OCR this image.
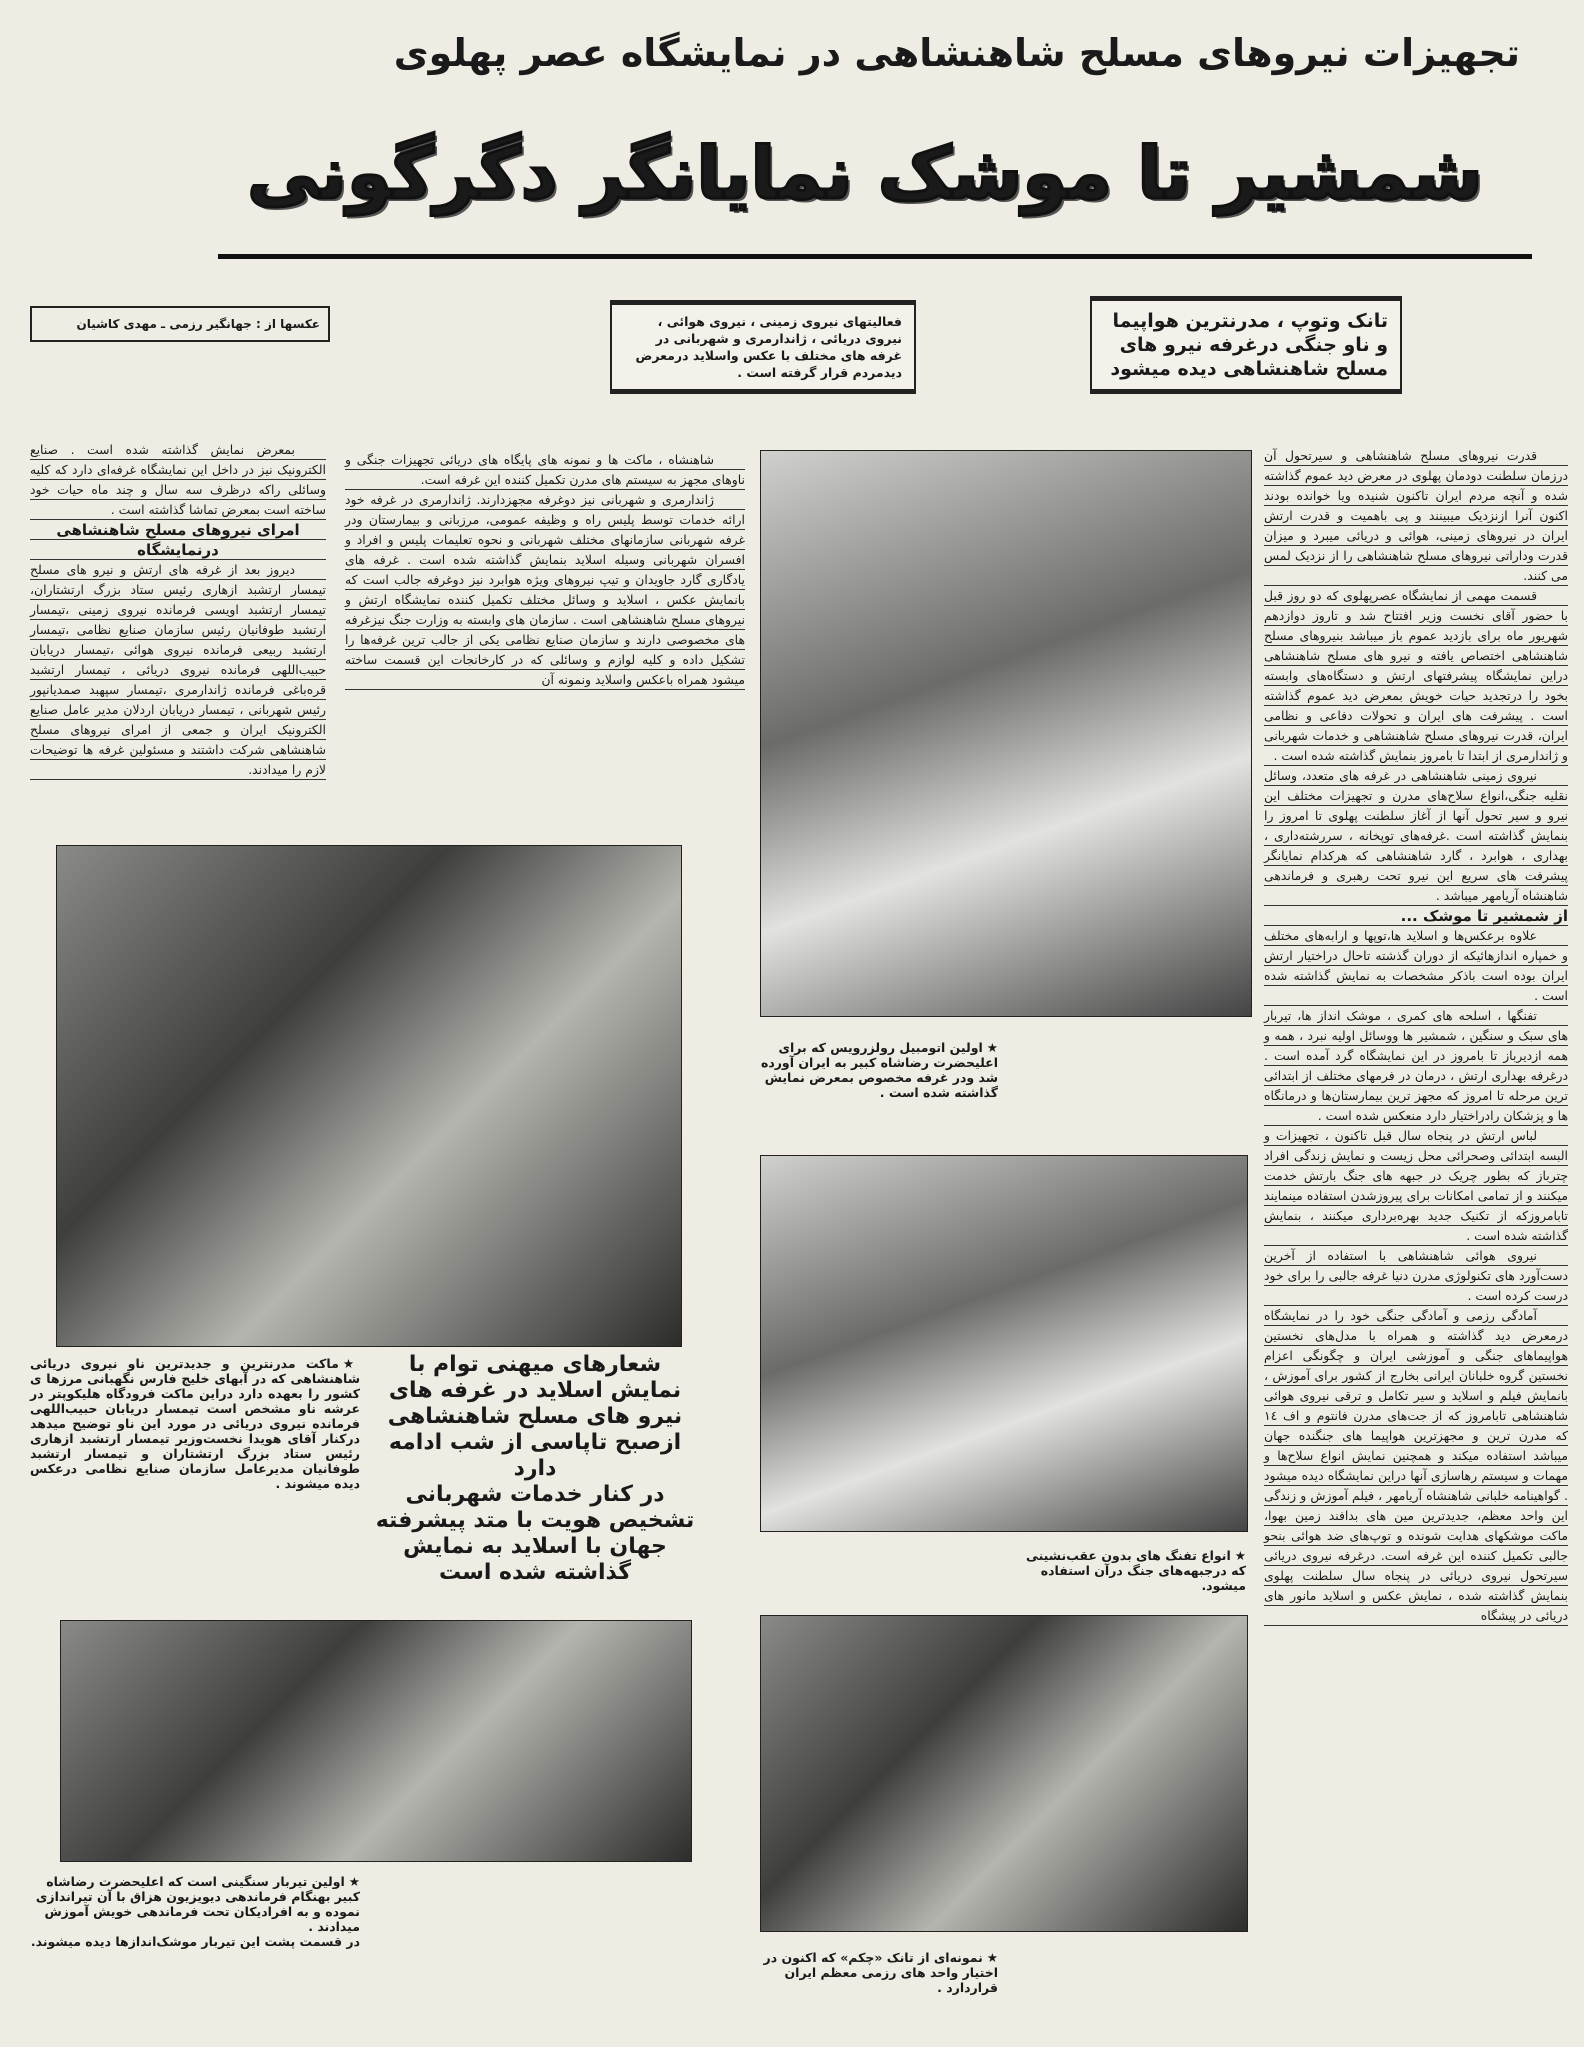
تجهیزات نیروهای مسلح شاهنشاهی در نمایشگاه عصر پهلوی
شمشیر تا موشک نمایانگر دگرگونی
عکسها از : جهانگیر رزمی ـ مهدی کاشیان	فعالیتهای نیروی زمینی ، نیروی هوائی ، نیروی دریائی ، ژاندارمری و شهربانی در غرفه های مختلف با عکس واسلاید درمعرض دیدمردم قرار گرفته است .
تانک وتوپ ، مدرنترین هواپیما و ناو جنگی درغرفه نیرو های مسلح شاهنشاهی دیده میشود

بمعرض نمایش گذاشته شده است . صنایع الکترونیک نیز در داخل این نمایشگاه غرفه‌ای دارد که کلیه وسائلی راکه درظرف سه سال و چند ماه حیات خود ساخته است بمعرض تماشا گذاشته است .

امرای نیروهای مسلح شاهنشاهی درنمایشگاه

دیروز بعد از غرفه های ارتش و نیرو های مسلح تیمسار ارتشبد ازهاری رئیس ستاد بزرگ ارتشتاران، تیمسار ارتشبد اویسی فرمانده نیروی زمینی ،تیمسار ارتشبد طوفانیان رئیس سازمان صنایع نظامی ،تیمسار ارتشبد ربیعی فرمانده نیروی هوائی ،تیمسار دریابان حبیب‌اللهی فرمانده نیروی دریائی ، تیمسار ارتشبد قره‌باغی فرمانده ژاندارمری ،تیمسار سپهبد صمدیانپور رئیس شهربانی ، تیمسار دریابان اردلان مدیر عامل صنایع الکترونیک ایران و جمعی از امرای نیروهای مسلح شاهنشاهی شرکت داشتند و مسئولین غرفه ها توضیحات لازم را میدادند.

شاهنشاه ، ماکت ها و نمونه های پایگاه های دریائی تجهیزات جنگی و ناوهای مجهز به سیستم های مدرن تکمیل کننده این غرفه است.

ژاندارمری و شهربانی نیز دوغرفه مجهزدارند. ژاندارمری در غرفه خود ارائه خدمات توسط پلیس راه و وظیفه عمومی، مرزبانی و بیمارستان ودر غرفه شهربانی سازمانهای مختلف شهربانی و نحوه تعلیمات پلیس و افراد و افسران شهربانی وسیله اسلاید بنمایش گذاشته شده است . غرفه های یادگاری گارد جاویدان و تیپ نیروهای ویژه هوابرد نیز دوغرفه جالب است که بانمایش عکس ، اسلاید و وسائل مختلف تکمیل کننده نمایشگاه ارتش و نیروهای مسلح شاهنشاهی است . سازمان های وابسته به وزارت جنگ نیزغرفه های مخصوصی دارند و سازمان صنایع نظامی یکی از جالب ترین غرفه‌ها را تشکیل داده و کلیه لوازم و وسائلی که در کارخانجات این قسمت ساخته میشود همراه باعکس واسلاید ونمونه آن

قدرت نیروهای مسلح شاهنشاهی و سیرتحول آن درزمان سلطنت دودمان پهلوی در معرض دید عموم گذاشته شده و آنچه مردم ایران تاکنون شنیده ویا خوانده بودند اکنون آنرا ازنزدیک میبینند و پی باهمیت و قدرت ارتش ایران در نیروهای زمینی، هوائی و دریائی میبرد و میزان قدرت وداراتی نیروهای مسلح شاهنشاهی را از نزدیک لمس می کنند.

قسمت مهمی از نمایشگاه عصرپهلوی که دو روز قبل با حضور آقای نخست وزیر افتتاح شد و تاروز دوازدهم شهریور ماه برای بازدید عموم باز میباشد بنیروهای مسلح شاهنشاهی اختصاص یافته و نیرو های مسلح شاهنشاهی دراین نمایشگاه پیشرفتهای ارتش و دستگاه‌های وابسته بخود را درتجدید حیات خویش بمعرض دید عموم گذاشته است . پیشرفت های ایران و تحولات دفاعی و نظامی ایران، قدرت نیروهای مسلح شاهنشاهی و خدمات شهربانی و ژاندارمری از ابتدا تا بامروز بنمایش گذاشته شده است .

نیروی زمینی شاهنشاهی در غرفه های متعدد، وسائل نقلیه جنگی،انواع سلاح‌های مدرن و تجهیزات مختلف این نیرو و سیر تحول آنها از آغاز سلطنت پهلوی تا امروز را بنمایش گذاشته است .غرفه‌های توپخانه ، سررشته‌داری ، بهداری ، هوابرد ، گارد شاهنشاهی که هرکدام نمایانگر پیشرفت های سریع این نیرو تحت رهبری و فرماندهی شاهنشاه آریامهر میباشد .

از شمشیر تا موشک ...

علاوه برعکس‌ها و اسلاید ها،توپها و ارابه‌های مختلف و خمپاره اندازهائیکه از دوران گذشته تاحال دراختیار ارتش ایران بوده است باذکر مشخصات به نمایش گذاشته شده است .

تفنگها ، اسلحه های کمری ، موشک انداز ها، تیربار های سبک و سنگین ، شمشیر ها ووسائل اولیه نبرد ، همه و همه ازدیرباز تا بامروز در این نمایشگاه گرد آمده است . درغرفه بهداری ارتش ، درمان در فرمهای مختلف از ابتدائی ترین مرحله تا امروز که مجهز ترین بیمارستان‌ها و درمانگاه ها و پزشکان رادراختیار دارد منعکس شده است .

لباس ارتش در پنجاه سال قبل تاکنون ، تجهیزات و البسه ابتدائی وصحرائی محل زیست و نمایش زندگی افراد چترباز که بطور چریک در جبهه های جنگ بارتش خدمت میکنند و از تمامی امکانات برای پیروزشدن استفاده مینمایند تابامروزکه از تکنیک جدید بهره‌برداری میکنند ، بنمایش گذاشته شده است .

نیروی هوائی شاهنشاهی با استفاده از آخرین دست‌آورد های تکنولوژی مدرن دنیا غرفه جالبی را برای خود درست کرده است .

آمادگی رزمی و آمادگی جنگی خود را در نمایشگاه درمعرض دید گذاشته و همراه با مدل‌های نخستین هواپیماهای جنگی و آموزشی ایران و چگونگی اعزام نخستین گروه خلبانان ایرانی بخارج از کشور برای آموزش ، بانمایش فیلم و اسلاید و سیر تکامل و ترقی نیروی هوائی شاهنشاهی تابامروز که از جت‌های مدرن فانتوم و اف ١٤ که مدرن ترین و مجهزترین هواپیما های جنگنده جهان میباشد استفاده میکند و همچنین نمایش انواع سلاح‌ها و مهمات و سیستم رهاسازی آنها دراین نمایشگاه دیده میشود . گواهینامه خلبانی شاهنشاه آریامهر ، فیلم آموزش و زندگی این واحد معظم، جدیدترین مین های بدافند زمین بهوا، ماکت موشکهای هدایت شونده و توپ‌های ضد هوائی بنحو جالبی تکمیل کننده این غرفه است. درغرفه نیروی دریائی سیرتحول نیروی دریائی در پنجاه سال سلطنت پهلوی بنمایش گذاشته شده ، نمایش عکس و اسلاید مانور های دریائی در پیشگاه

★اولین اتومبیل رولزرویس که برای اعلیحضرت رضاشاه کبیر به ایران آورده شد ودر غرفه مخصوص بمعرض نمایش گذاشته شده است .
★ماکت مدرنترین و جدیدترین ناو نیروی دریائی شاهنشاهی که در آبهای خلیج فارس نگهبانی مرزها ی کشور را بعهده دارد دراین ماکت فرودگاه هلیکوپتر در عرشه ناو مشخص است تیمسار دریابان حبیب‌اللهی فرمانده نیروی دریائی در مورد این ناو توضیح میدهد درکنار آقای هویدا نخست‌وزیر تیمسار ارتشبد ازهاری رئیس ستاد بزرگ ارتشتاران و تیمسار ارتشبد طوفانیان مدیرعامل سازمان صنایع نظامی درعکس دیده میشوند .
شعارهای میهنی توام با نمایش اسلاید در غرفه های نیرو های مسلح شاهنشاهی ازصبح تاپاسی از شب ادامه دارد
در کنار خدمات شهربانی تشخیص هویت با متد پیشرفته جهان با اسلاید به نمایش گذاشته شده است
★انواع تفنگ های بدون عقب‌نشینی که درجبهه‌های جنگ درآن استفاده میشود.
★اولین تیربار سنگینی است که اعلیحضرت رضاشاه کبیر بهنگام فرماندهی دیویزیون هزاق با آن تیراندازی نموده و به افرادیکان تحت فرماندهی خویش آموزش میدادند .
در قسمت پشت این تیربار موشک‌اندازها دیده میشوند.
★نمونه‌ای از تانک «چکم» که اکنون در اختیار واحد های رزمی معظم ایران قراردارد .
